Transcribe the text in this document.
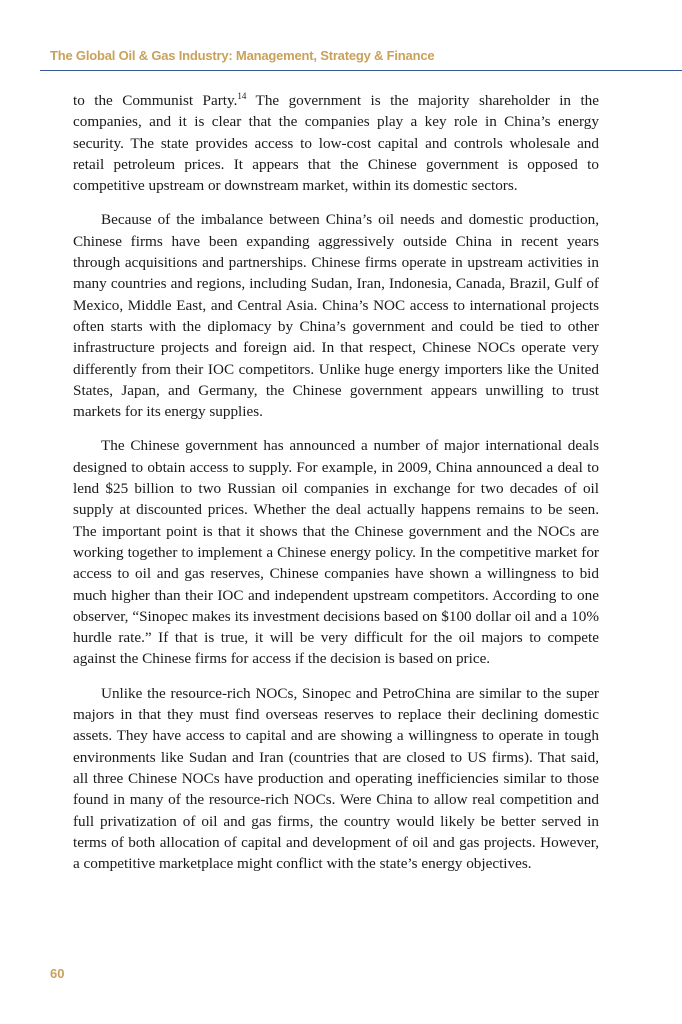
The Global Oil & Gas Industry: Management, Strategy & Finance

to the Communist Party.$^{14}$ The government is the majority shareholder in the companies, and it is clear that the companies play a key role in China’s energy security. The state provides access to low-cost capital and controls wholesale and retail petroleum prices. It appears that the Chinese government is opposed to competitive upstream or downstream market, within its domestic sectors.

Because of the imbalance between China’s oil needs and domestic production, Chinese firms have been expanding aggressively outside China in recent years through acquisitions and partnerships. Chinese firms operate in upstream activities in many countries and regions, including Sudan, Iran, Indonesia, Canada, Brazil, Gulf of Mexico, Middle East, and Central Asia. China’s NOC access to international projects often starts with the diplomacy by China’s government and could be tied to other infrastructure projects and foreign aid. In that respect, Chinese NOCs operate very differently from their IOC competitors. Unlike huge energy importers like the United States, Japan, and Germany, the Chinese government appears unwilling to trust markets for its energy supplies.

The Chinese government has announced a number of major international deals designed to obtain access to supply. For example, in 2009, China announced a deal to lend $25 billion to two Russian oil companies in exchange for two decades of oil supply at discounted prices. Whether the deal actually happens remains to be seen. The important point is that it shows that the Chinese government and the NOCs are working together to implement a Chinese energy policy. In the competitive market for access to oil and gas reserves, Chinese companies have shown a willingness to bid much higher than their IOC and independent upstream competitors. According to one observer, “Sinopec makes its investment decisions based on $100 dollar oil and a 10% hurdle rate.” If that is true, it will be very difficult for the oil majors to compete against the Chinese firms for access if the decision is based on price.

Unlike the resource-rich NOCs, Sinopec and PetroChina are similar to the super majors in that they must find overseas reserves to replace their declining domestic assets. They have access to capital and are showing a willingness to operate in tough environments like Sudan and Iran (countries that are closed to US firms). That said, all three Chinese NOCs have production and operating inefficiencies similar to those found in many of the resource-rich NOCs. Were China to allow real competition and full privatization of oil and gas firms, the country would likely be better served in terms of both allocation of capital and development of oil and gas projects. However, a competitive marketplace might conflict with the state’s energy objectives.

60
